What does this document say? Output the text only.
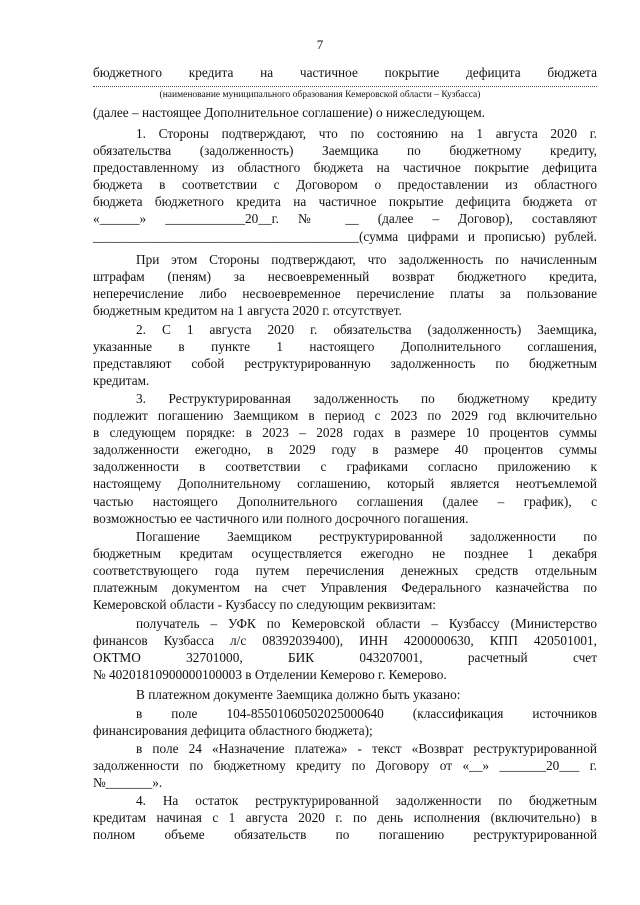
7
бюджетного кредита на частичное покрытие дефицита бюджета
(наименование муниципального образования Кемеровской области – Кузбасса)
(далее – настоящее Дополнительное соглашение) о нижеследующем.
1. Стороны подтверждают, что по состоянию на 1 августа 2020 г.
обязательства (задолженность) Заемщика по бюджетному кредиту,
предоставленному из областного бюджета на частичное покрытие дефицита
бюджета в соответствии с Договором о предоставлении из областного
бюджета бюджетного кредита на частичное покрытие дефицита бюджета от
«______» ____________20__г. № __ (далее – Договор), составляют
________________________________________(сумма цифрами и прописью) рублей.
При этом Стороны подтверждают, что задолженность по начисленным
штрафам (пеням) за несвоевременный возврат бюджетного кредита,
неперечисление либо несвоевременное перечисление платы за пользование
бюджетным кредитом на 1 августа 2020 г. отсутствует.
2. С 1 августа 2020 г. обязательства (задолженность) Заемщика,
указанные в пункте 1 настоящего Дополнительного соглашения,
представляют собой реструктурированную задолженность по бюджетным
кредитам.
3. Реструктурированная задолженность по бюджетному кредиту
подлежит погашению Заемщиком в период с 2023 по 2029 год включительно
в следующем порядке: в 2023 – 2028 годах в размере 10 процентов суммы
задолженности ежегодно, в 2029 году в размере 40 процентов суммы
задолженности в соответствии с графиками согласно приложению к
настоящему Дополнительному соглашению, который является неотъемлемой
частью настоящего Дополнительного соглашения (далее – график), с
возможностью ее частичного или полного досрочного погашения.
Погашение Заемщиком реструктурированной задолженности по
бюджетным кредитам осуществляется ежегодно не позднее 1 декабря
соответствующего года путем перечисления денежных средств отдельным
платежным документом на счет Управления Федерального казначейства по
Кемеровской области - Кузбассу по следующим реквизитам:
получатель – УФК по Кемеровской области – Кузбассу (Министерство
финансов Кузбасса л/с 08392039400), ИНН 4200000630, КПП 420501001,
ОКТМО 32701000, БИК 043207001, расчетный счет
№ 40201810900000100003 в Отделении Кемерово г. Кемерово.
В платежном документе Заемщика должно быть указано:
в поле 104-85501060502025000640 (классификация источников
финансирования дефицита областного бюджета);
в поле 24 «Назначение платежа» - текст «Возврат реструктурированной
задолженности по бюджетному кредиту по Договору от «__» _______20___ г.
№_______».
4. На остаток реструктурированной задолженности по бюджетным
кредитам начиная с 1 августа 2020 г. по день исполнения (включительно) в
полном объеме обязательств по погашению реструктурированной
